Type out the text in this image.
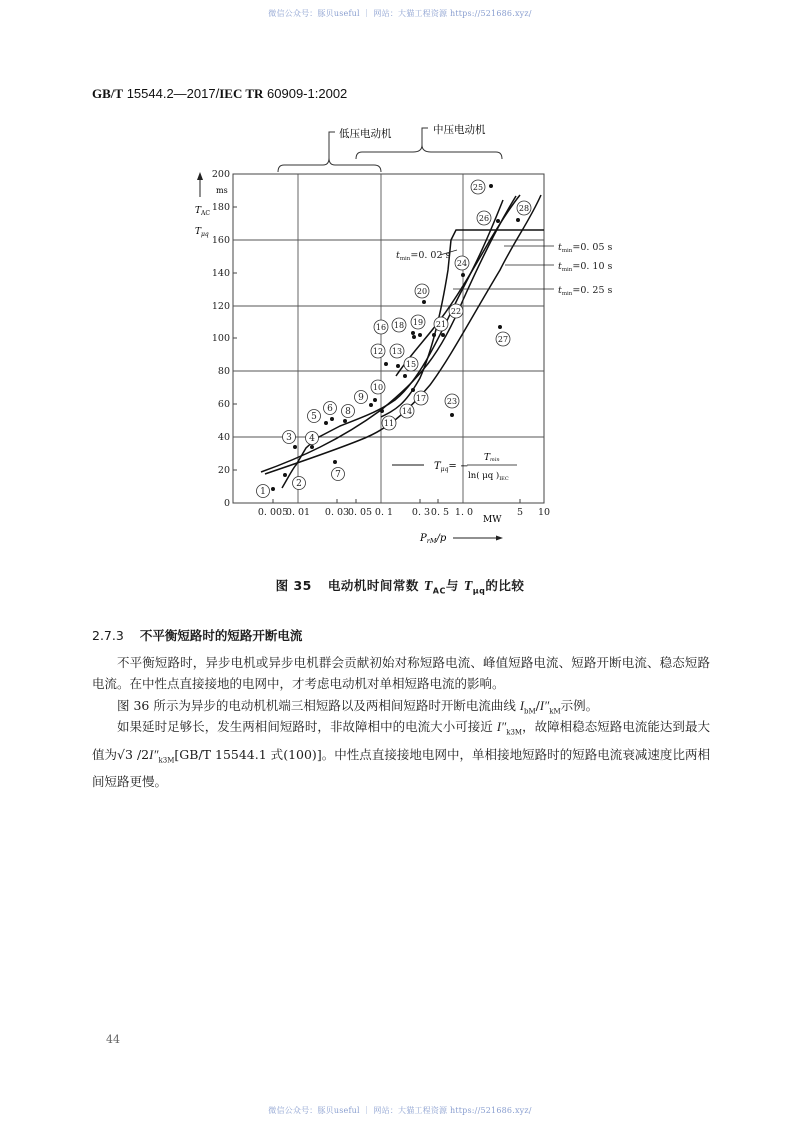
微信公众号：豚贝useful ｜ 网站：大猫工程资源 https://521686.xyz/
GB/T 15544.2—2017/IEC TR 60909-1:2002
低压电动机	中压电动机
$T_{AC}$
$T_{\mu q}$
ms
0
20
40
60
80
100
120
140
160
180
200
0. 005
0. 01 0. 03
0. 05 0. 1 0. 3 0. 5 1. 0	5 10
MW
$P_{rM}/p$
$t_{min}=0$. 02 s
$t_{min}=0$. 05 s
$t_{min}=0$. 10 s
$t_{min}=0$. 25 s
1
2
3 4
5
6
7
8
9
10
11
12 13
14
15
16
17
18 19
20
21
22
23
24
25
26
27
28
$T_{\mu q}=$ −
Tmin
ln( μq )$_{IEC}$
图 35 电动机时间常数 $T_{AC}$与 $T_{\mu q}$的比较
2.7.3 不平衡短路时的短路开断电流
不平衡短路时，异步电机或异步电机群会贡献初始对称短路电流、峰值短路电流、短路开断电流、稳态短路电流。在中性点直接接地的电网中，才考虑电动机对单相短路电流的影响。
图 36 所示为异步的电动机机端三相短路以及两相间短路时开断电流曲线 $I_{bM}/I''_{kM}$示例。
如果延时足够长，发生两相间短路时，非故障相中的电流大小可接近 $I''_{k3M}$，故障相稳态短路电流能达到最大值为√3 $/2I''_{k3M}[GB/T$ 15544.1 式(100)]。中性点直接接地电网中，单相接地短路时的短路电流衰减速度比两相间短路更慢。
44
微信公众号：豚贝useful ｜ 网站：大猫工程资源 https://521686.xyz/
